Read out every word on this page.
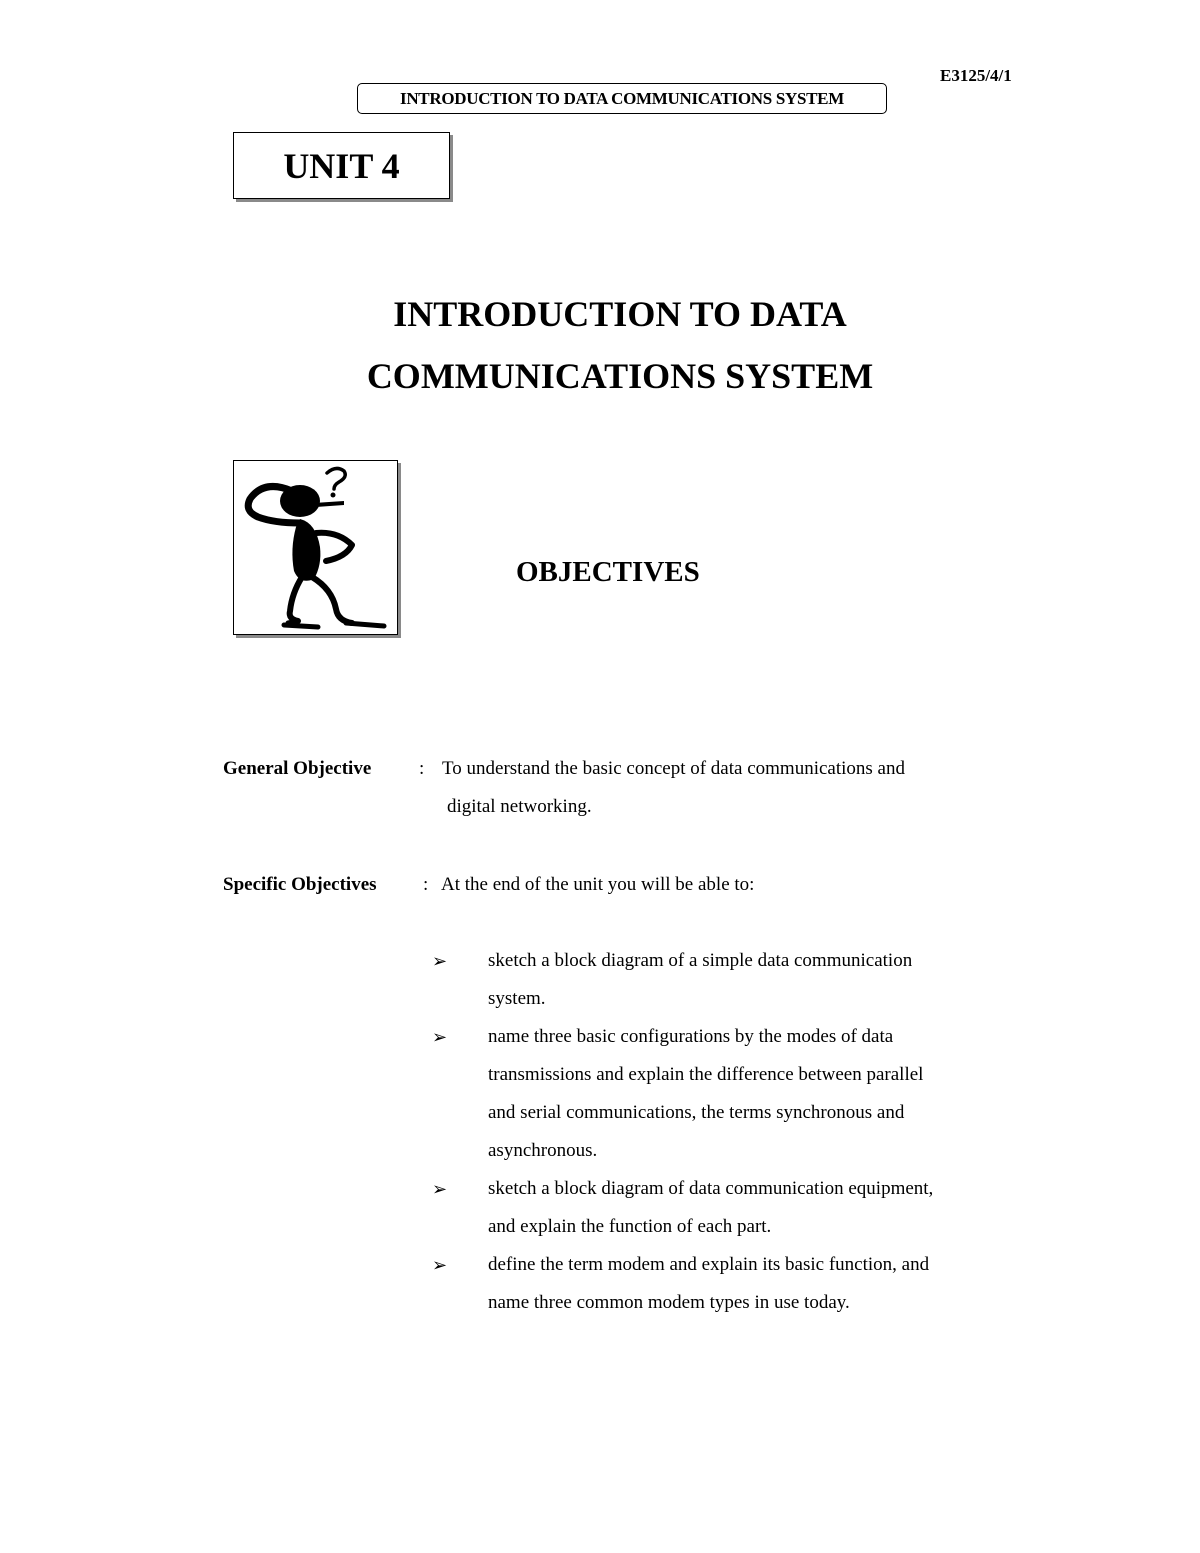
E3125/4/1
INTRODUCTION TO DATA COMMUNICATIONS SYSTEM
UNIT 4
INTRODUCTION TO DATA
COMMUNICATIONS SYSTEM
OBJECTIVES
General Objective	: To understand the basic concept of data communications and
digital networking.
Specific Objectives : At the end of the unit you will be able to:
➢ sketch a block diagram of a simple data communication
system.
➢ name three basic configurations by the modes of data
transmissions and explain the difference between parallel
and serial communications, the terms synchronous and
asynchronous.
➢ sketch a block diagram of data communication equipment,
and explain the function of each part.
➢ define the term modem and explain its basic function, and
name three common modem types in use today.
